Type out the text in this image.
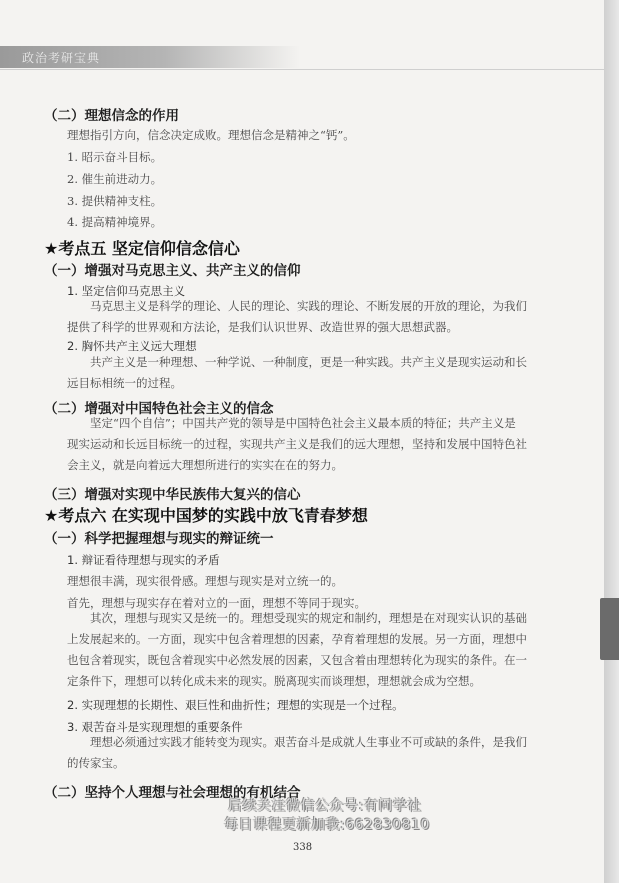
政治考研宝典
（二）理想信念的作用
理想指引方向，信念决定成败。理想信念是精神之“钙”。
1. 昭示奋斗目标。
2. 催生前进动力。
3. 提供精神支柱。
4. 提高精神境界。
★考点五 坚定信仰信念信心
（一）增强对马克思主义、共产主义的信仰
1. 坚定信仰马克思主义
马克思主义是科学的理论、人民的理论、实践的理论、不断发展的开放的理论，为我们提供了科学的世界观和方法论，是我们认识世界、改造世界的强大思想武器。
2. 胸怀共产主义远大理想
共产主义是一种理想、一种学说、一种制度，更是一种实践。共产主义是现实运动和长远目标相统一的过程。
（二）增强对中国特色社会主义的信念
坚定“四个自信”；中国共产党的领导是中国特色社会主义最本质的特征；共产主义是现实运动和长远目标统一的过程，实现共产主义是我们的远大理想，坚持和发展中国特色社会主义，就是向着远大理想所进行的实实在在的努力。
（三）增强对实现中华民族伟大复兴的信心
★考点六 在实现中国梦的实践中放飞青春梦想
（一）科学把握理想与现实的辩证统一
1. 辩证看待理想与现实的矛盾
理想很丰满，现实很骨感。理想与现实是对立统一的。
首先，理想与现实存在着对立的一面，理想不等同于现实。
其次，理想与现实又是统一的。理想受现实的规定和制约，理想是在对现实认识的基础上发展起来的。一方面，现实中包含着理想的因素，孕育着理想的发展。另一方面，理想中也包含着现实，既包含着现实中必然发展的因素，又包含着由理想转化为现实的条件。在一定条件下，理想可以转化成未来的现实。脱离现实而谈理想，理想就会成为空想。
2. 实现理想的长期性、艰巨性和曲折性；理想的实现是一个过程。
3. 艰苦奋斗是实现理想的重要条件
理想必须通过实践才能转变为现实。艰苦奋斗是成就人生事业不可或缺的条件，是我们的传家宝。
（二）坚持个人理想与社会理想的有机结合
后续关注微信公众号:有问学社
每日课程更新加我:662830810
338
